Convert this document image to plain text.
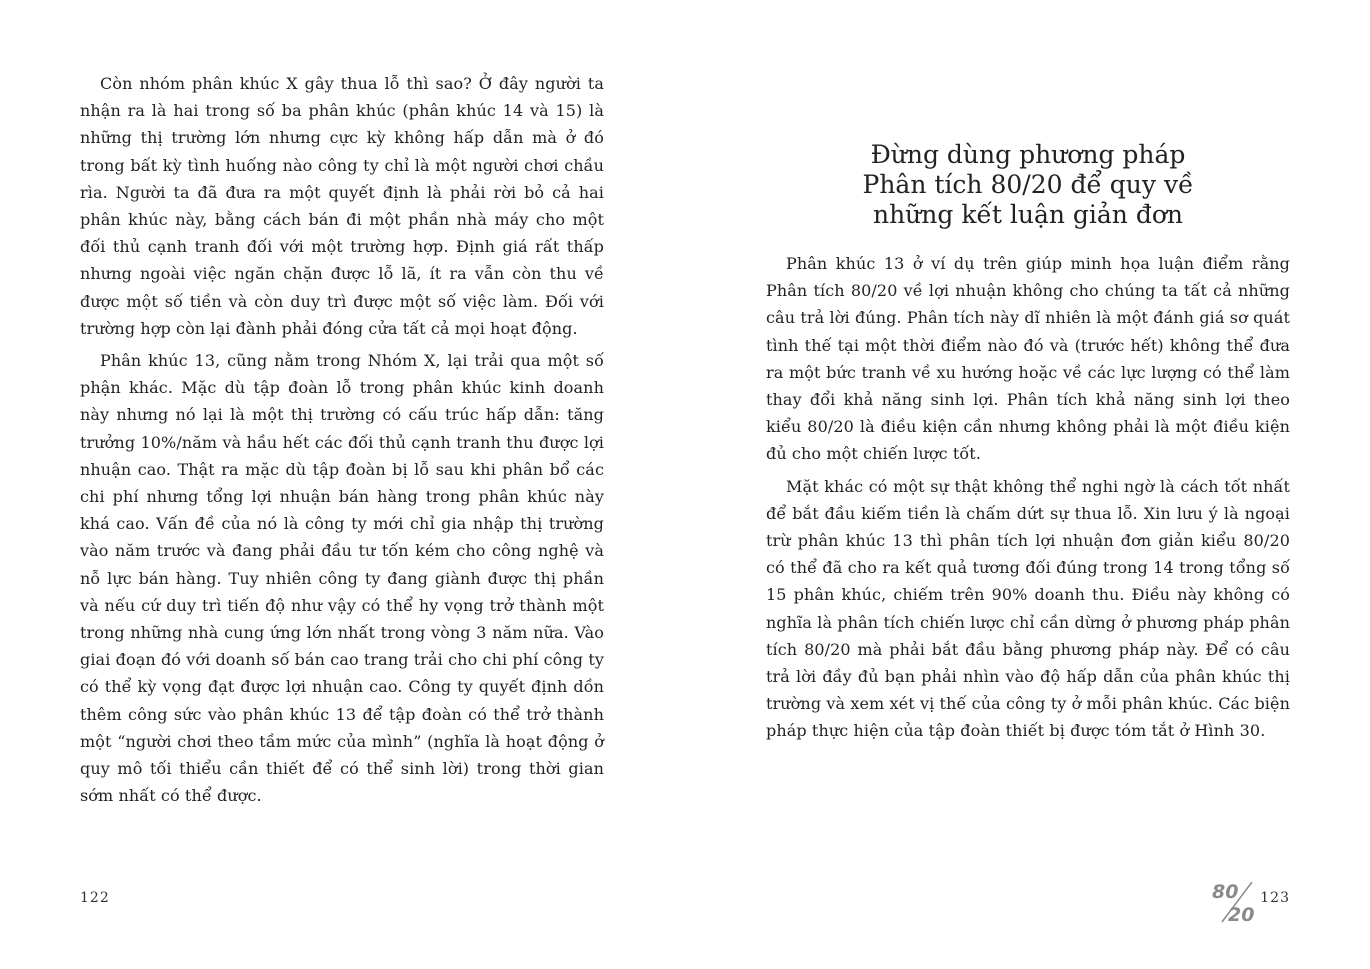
Còn nhóm phân khúc X gây thua lỗ thì sao? Ở đây người ta nhận ra là hai trong số ba phân khúc (phân khúc 14 và 15) là những thị trường lớn nhưng cực kỳ không hấp dẫn mà ở đó trong bất kỳ tình huống nào công ty chỉ là một người chơi chầu rìa. Người ta đã đưa ra một quyết định là phải rời bỏ cả hai phân khúc này, bằng cách bán đi một phần nhà máy cho một đối thủ cạnh tranh đối với một trường hợp. Định giá rất thấp nhưng ngoài việc ngăn chặn được lỗ lã, ít ra vẫn còn thu về được một số tiền và còn duy trì được một số việc làm. Đối với trường hợp còn lại đành phải đóng cửa tất cả mọi hoạt động.

Phân khúc 13, cũng nằm trong Nhóm X, lại trải qua một số phận khác. Mặc dù tập đoàn lỗ trong phân khúc kinh doanh này nhưng nó lại là một thị trường có cấu trúc hấp dẫn: tăng trưởng 10%/năm và hầu hết các đối thủ cạnh tranh thu được lợi nhuận cao. Thật ra mặc dù tập đoàn bị lỗ sau khi phân bổ các chi phí nhưng tổng lợi nhuận bán hàng trong phân khúc này khá cao. Vấn đề của nó là công ty mới chỉ gia nhập thị trường vào năm trước và đang phải đầu tư tốn kém cho công nghệ và nỗ lực bán hàng. Tuy nhiên công ty đang giành được thị phần và nếu cứ duy trì tiến độ như vậy có thể hy vọng trở thành một trong những nhà cung ứng lớn nhất trong vòng 3 năm nữa. Vào giai đoạn đó với doanh số bán cao trang trải cho chi phí công ty có thể kỳ vọng đạt được lợi nhuận cao. Công ty quyết định dồn thêm công sức vào phân khúc 13 để tập đoàn có thể trở thành một “người chơi theo tầm mức của mình” (nghĩa là hoạt động ở quy mô tối thiểu cần thiết để có thể sinh lời) trong thời gian sớm nhất có thể được.

122
Đừng dùng phương pháp
Phân tích 80/20 để quy về
những kết luận giản đơn

Phân khúc 13 ở ví dụ trên giúp minh họa luận điểm rằng Phân tích 80/20 về lợi nhuận không cho chúng ta tất cả những câu trả lời đúng. Phân tích này dĩ nhiên là một đánh giá sơ quát tình thế tại một thời điểm nào đó và (trước hết) không thể đưa ra một bức tranh về xu hướng hoặc về các lực lượng có thể làm thay đổi khả năng sinh lợi. Phân tích khả năng sinh lợi theo kiểu 80/20 là điều kiện cần nhưng không phải là một điều kiện đủ cho một chiến lược tốt.

Mặt khác có một sự thật không thể nghi ngờ là cách tốt nhất để bắt đầu kiếm tiền là chấm dứt sự thua lỗ. Xin lưu ý là ngoại trừ phân khúc 13 thì phân tích lợi nhuận đơn giản kiểu 80/20 có thể đã cho ra kết quả tương đối đúng trong 14 trong tổng số 15 phân khúc, chiếm trên 90% doanh thu. Điều này không có nghĩa là phân tích chiến lược chỉ cần dừng ở phương pháp phân tích 80/20 mà phải bắt đầu bằng phương pháp này. Để có câu trả lời đầy đủ bạn phải nhìn vào độ hấp dẫn của phân khúc thị trường và xem xét vị thế của công ty ở mỗi phân khúc. Các biện pháp thực hiện của tập đoàn thiết bị được tóm tắt ở Hình 30.

80
20
123
